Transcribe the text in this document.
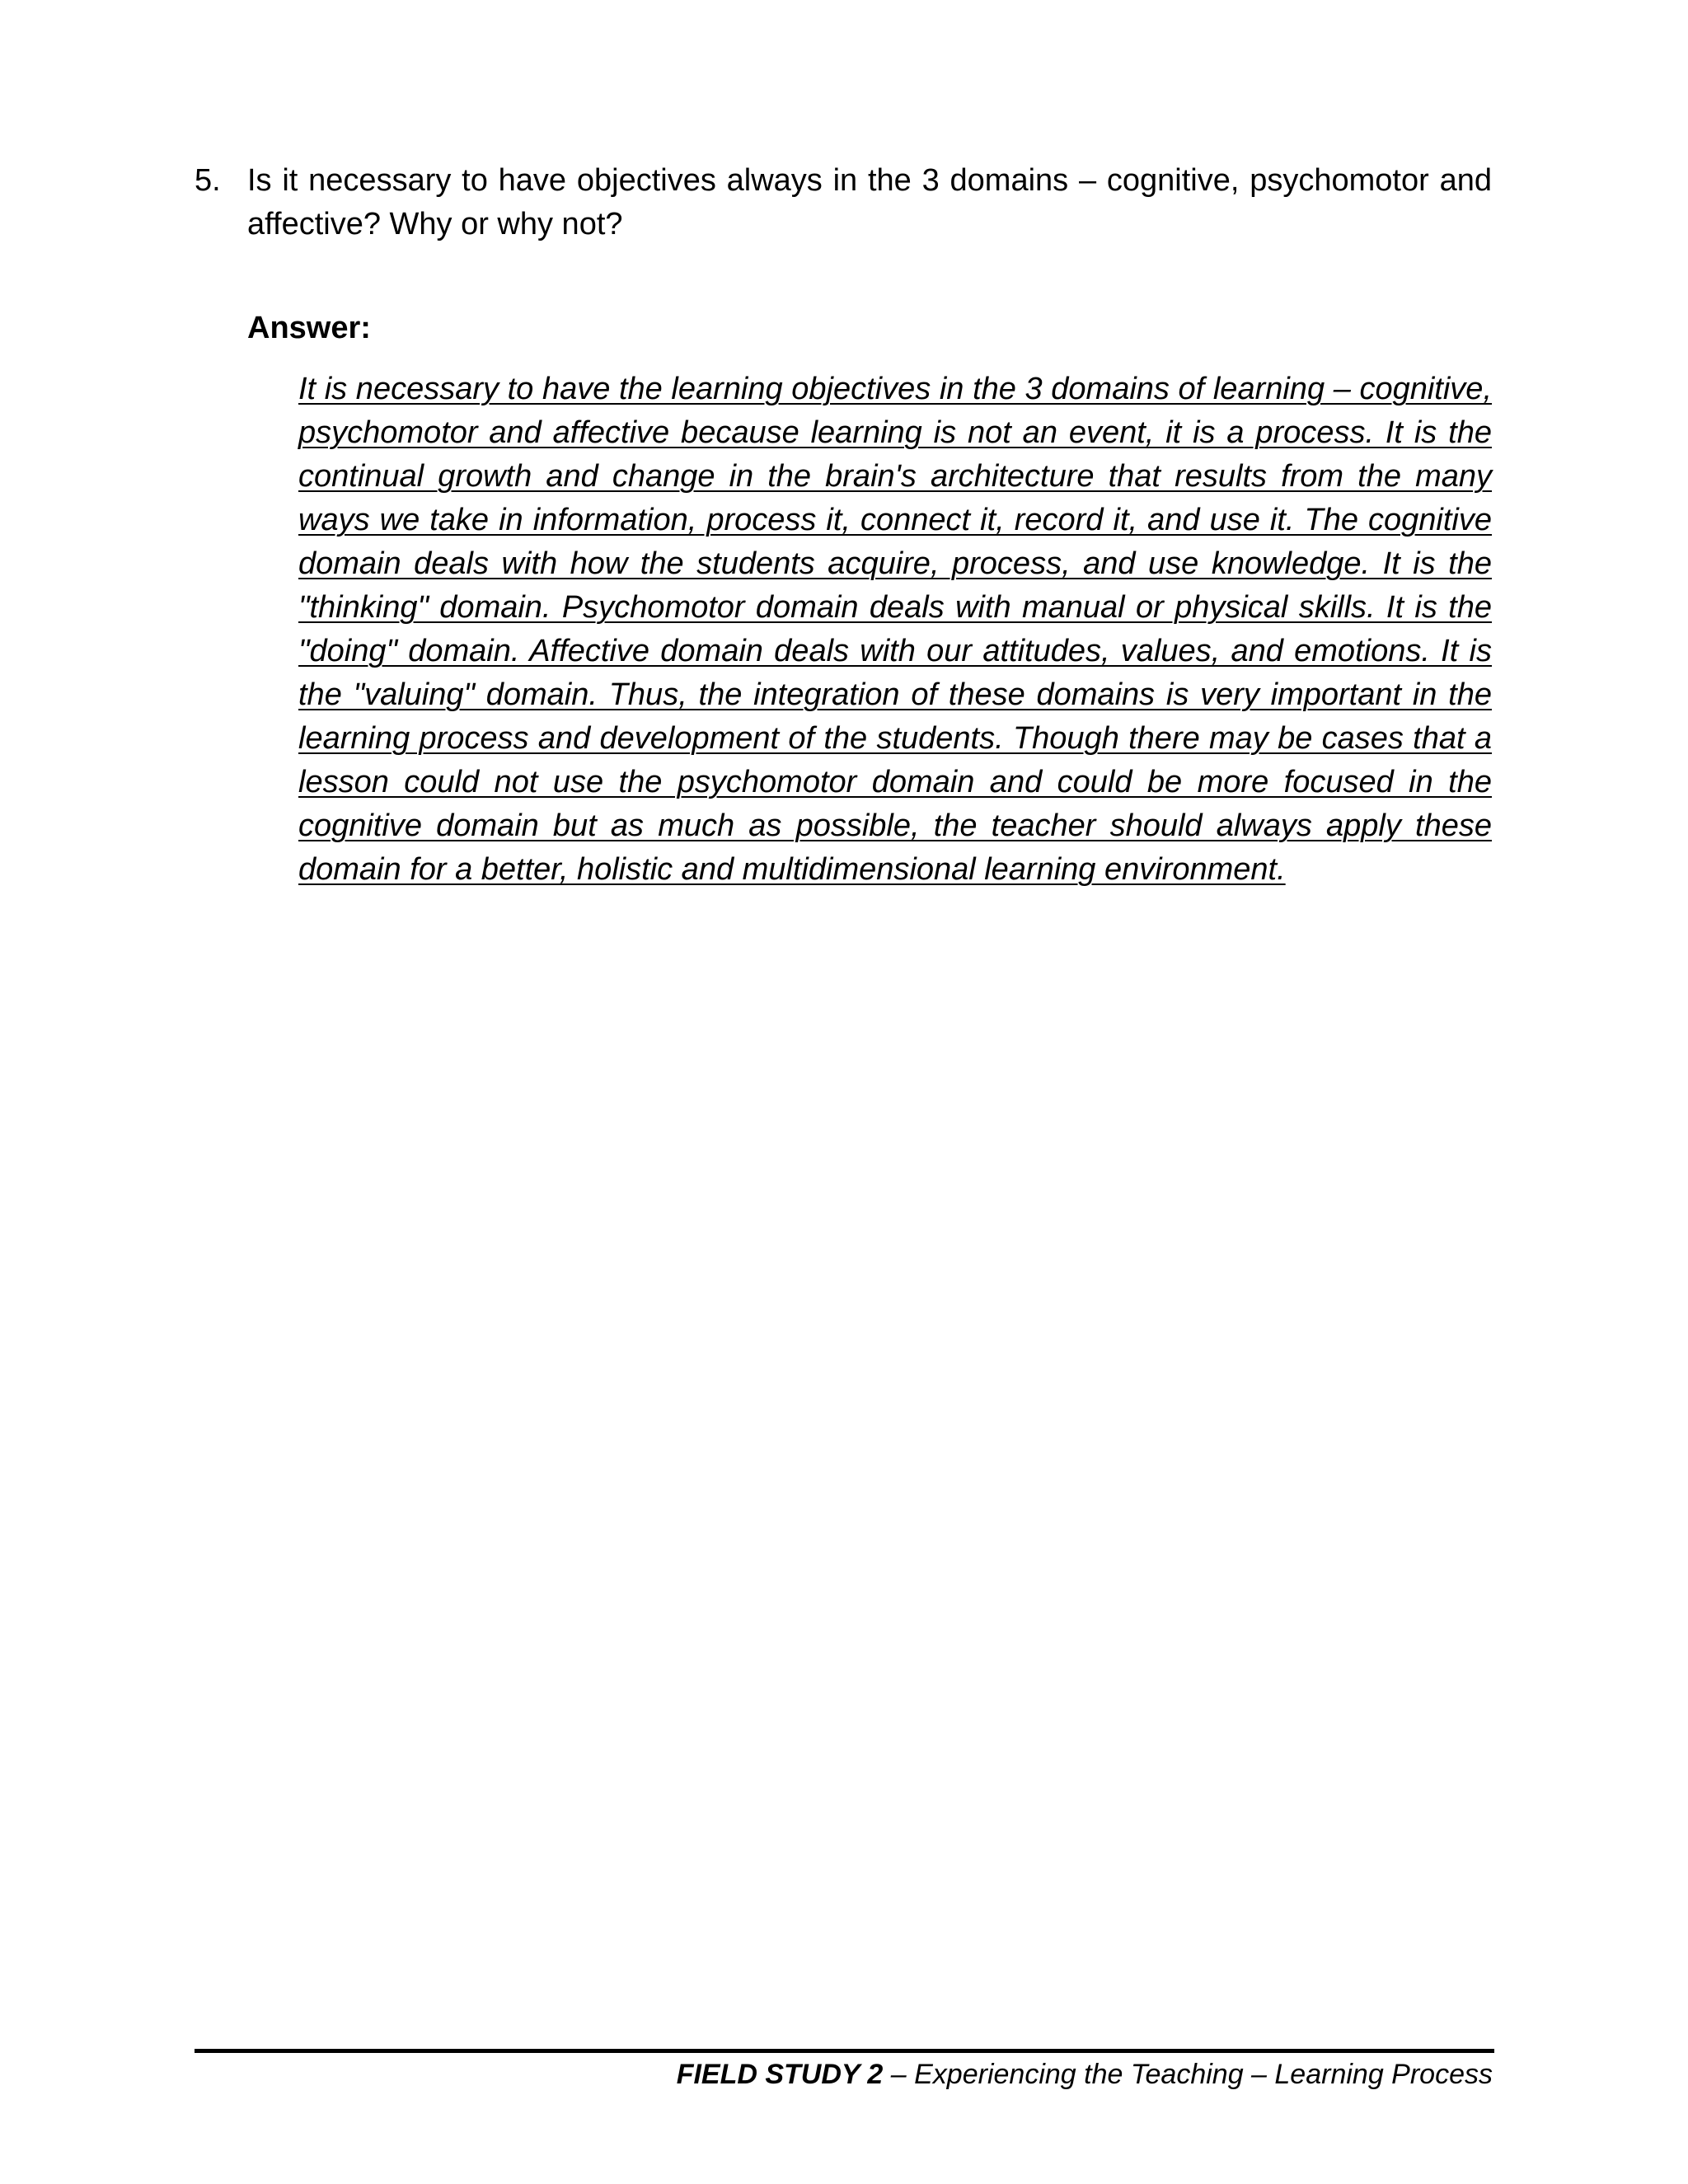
5. Is it necessary to have objectives always in the 3 domains – cognitive, psychomotor and affective? Why or why not?
Answer:

It is necessary to have the learning objectives in the 3 domains of learning – cognitive, psychomotor and affective because learning is not an event, it is a process. It is the continual growth and change in the brain's architecture that results from the many ways we take in information, process it, connect it, record it, and use it. The cognitive domain deals with how the students acquire, process, and use knowledge. It is the "thinking" domain. Psychomotor domain deals with manual or physical skills. It is the "doing" domain. Affective domain deals with our attitudes, values, and emotions. It is the "valuing" domain. Thus, the integration of these domains is very important in the learning process and development of the students. Though there may be cases that a lesson could not use the psychomotor domain and could be more focused in the cognitive domain but as much as possible, the teacher should always apply these domain for a better, holistic and multidimensional learning environment.

FIELD STUDY 2 – Experiencing the Teaching – Learning Process
